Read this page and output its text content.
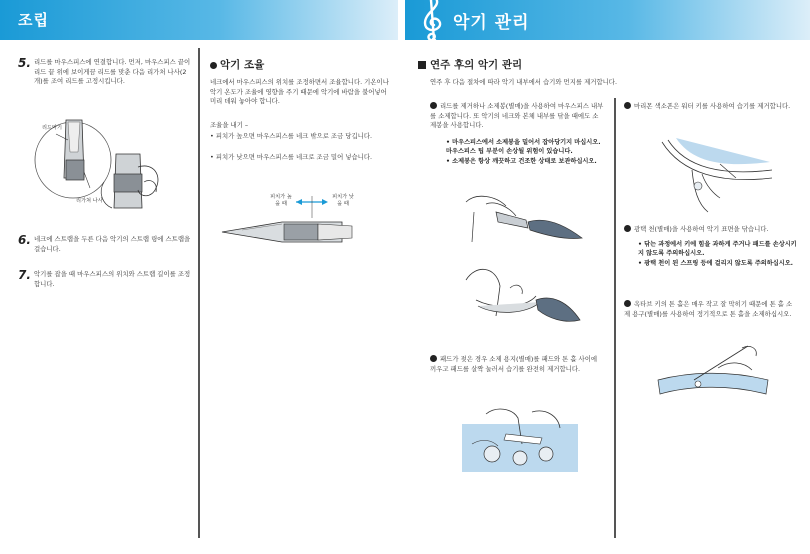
조립	악기 관리
5. 리드를 마우스피스에 연결합니다. 먼저, 마우스피스 끝이 리드 끝 위에 보이게끔 리드를 맞춘 다음 리가처 나사(2개)를 조여 리드를 고정시킵니다.
리드악기
리가쳐 나사
6. 네크에 스트랩을 두른 다음 악기의 스트랩 링에 스트랩을 걸습니다.
7. 악기를 잡을 때 마우스피스의 위치와 스트랩 길이를 조정합니다.
악기 조율
네크에서 마우스피스의 위치를 조정하면서 조율합니다. 기온이나 악기 온도가 조율에 영향을 주기 때문에 악기에 바람을 불어넣어 미리 데워 놓아야 합니다.
조율을 내기 –
• 피치가 높으면 마우스피스를 네크 밖으로 조금 당깁니다.
• 피치가 낮으면 마우스피스를 네크로 조금 밀어 넣습니다.
피치가 높을 때
피치가 낮을 때
연주 후의 악기 관리
연주 후 다음 절차에 따라 악기 내부에서 습기와 먼지를 제거합니다.
리드를 제거하나 소제봉(별매)을 사용하여 마우스피스 내부를 소제합니다. 또 악기의 네크와 본체 내부를 닦을 때에도 소제봉을 사용합니다.
• 마우스피스에서 소제봉을 밀어서 잡아당기지 마십시오. 마우스피스 팁 부분이 손상될 위험이 있습니다.
• 소제봉은 항상 깨끗하고 건조한 상태로 보관하십시오.
패드가 젖은 경우 소제 용지(별매)를 패드와 톤 홀 사이에 끼우고 패드를 살짝 눌러서 습기를 완전히 제거합니다.
마리몬 색소폰은 워터 키를 사용하여 습기를 제거합니다.
광택 천(별매)을 사용하여 악기 표면을 닦습니다.
• 닦는 과정에서 키에 힘을 과하게 주거나 패드를 손상시키지 않도록 주의하십시오.
• 광택 천이 된 스프링 등에 걸리지 않도록 주의하십시오.
옥타브 키의 톤 홀은 매우 작고 잘 막히기 때문에 톤 홀 소제 용구(별매)를 사용하여 정기적으로 톤 홀을 소제하십시오.
